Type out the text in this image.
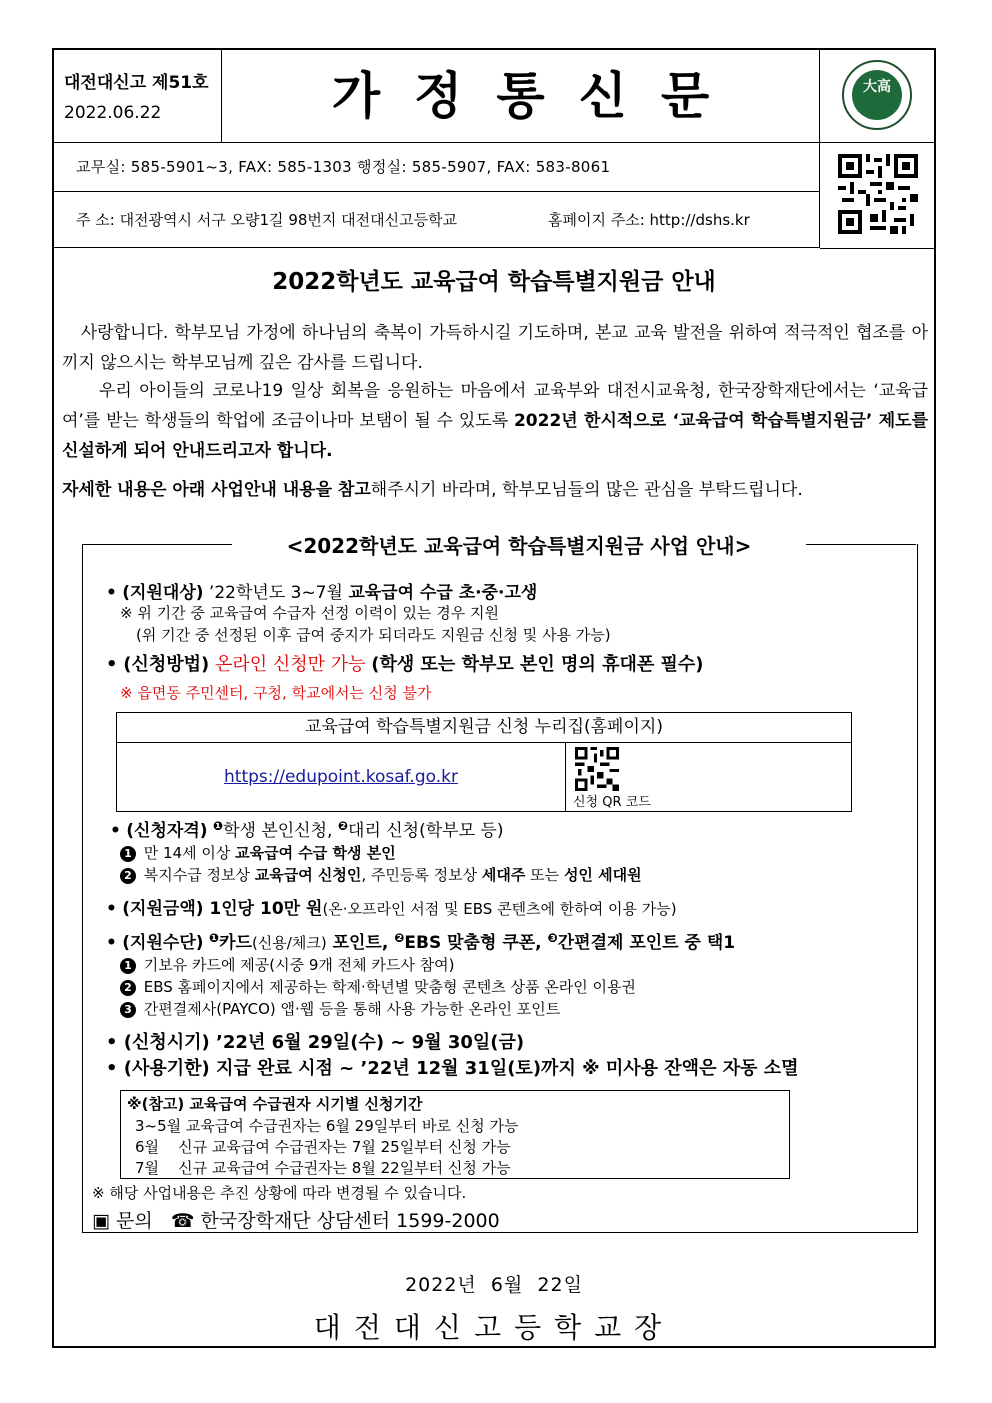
대전대신고 제51호
2022.06.22	가정통신문	大高
교무실: 585-5901~3, FAX: 585-1303 행정실: 585-5907, FAX: 583-8061
주 소: 대전광역시 서구 오량1길 98번지 대전대신고등학교	홈페이지 주소: http://dshs.kr
2022학년도 교육급여 학습특별지원금 안내
사랑합니다. 학부모님 가정에 하나님의 축복이 가득하시길 기도하며, 본교 교육 발전을 위하여 적극적인 협조를 아끼지 않으시는 학부모님께 깊은 감사를 드립니다.
우리 아이들의 코로나19 일상 회복을 응원하는 마음에서 교육부와 대전시교육청, 한국장학재단에서는 ‘교육급여’를 받는 학생들의 학업에 조금이나마 보탬이 될 수 있도록 2022년 한시적으로 ‘교육급여 학습특별지원금’ 제도를 신설하게 되어 안내드리고자 합니다.
자세한 내용은 아래 사업안내 내용을 참고해주시기 바라며, 학부모님들의 많은 관심을 부탁드립니다.
<2022학년도 교육급여 학습특별지원금 사업 안내>
• (지원대상) ’22학년도 3~7월 교육급여 수급 초·중·고생
※ 위 기간 중 교육급여 수급자 선정 이력이 있는 경우 지원
(위 기간 중 선정된 이후 급여 중지가 되더라도 지원금 신청 및 사용 가능)
• (신청방법) 온라인 신청만 가능 (학생 또는 학부모 본인 명의 휴대폰 필수)
※ 읍면동 주민센터, 구청, 학교에서는 신청 불가
교육급여 학습특별지원금 신청 누리집(홈페이지)
https://edupoint.kosaf.go.kr
신청 QR 코드
• (신청자격) $^❶$학생 본인신청, $^❷$대리 신청(학부모 등)
1 만 14세 이상 교육급여 수급 학생 본인
2 복지수급 정보상 교육급여 신청인, 주민등록 정보상 세대주 또는 성인 세대원
• (지원금액) 1인당 10만 원(온·오프라인 서점 및 EBS 콘텐츠에 한하여 이용 가능)
• (지원수단) $^❶$카드(신용/체크) 포인트, $^❷$EBS 맞춤형 쿠폰, $^❸$간편결제 포인트 중 택1
1 기보유 카드에 제공(시중 9개 전체 카드사 참여)
2 EBS 홈페이지에서 제공하는 학제·학년별 맞춤형 콘텐츠 상품 온라인 이용권
3 간편결제사(PAYCO) 앱·웹 등을 통해 사용 가능한 온라인 포인트
• (신청시기) ’22년 6월 29일(수) ~ 9월 30일(금)
• (사용기한) 지급 완료 시점 ~ ’22년 12월 31일(토)까지 ※ 미사용 잔액은 자동 소멸
※(참고) 교육급여 수급권자 시기별 신청기간
3~5월 교육급여 수급권자는 6월 29일부터 바로 신청 가능
6월    신규 교육급여 수급권자는 7월 25일부터 신청 가능
7월    신규 교육급여 수급권자는 8월 22일부터 신청 가능
※ 해당 사업내용은 추진 상황에 따라 변경될 수 있습니다.
▣ 문의   ☎ 한국장학재단 상담센터 1599-2000
2022년  6월  22일
대전대신고등학교장
